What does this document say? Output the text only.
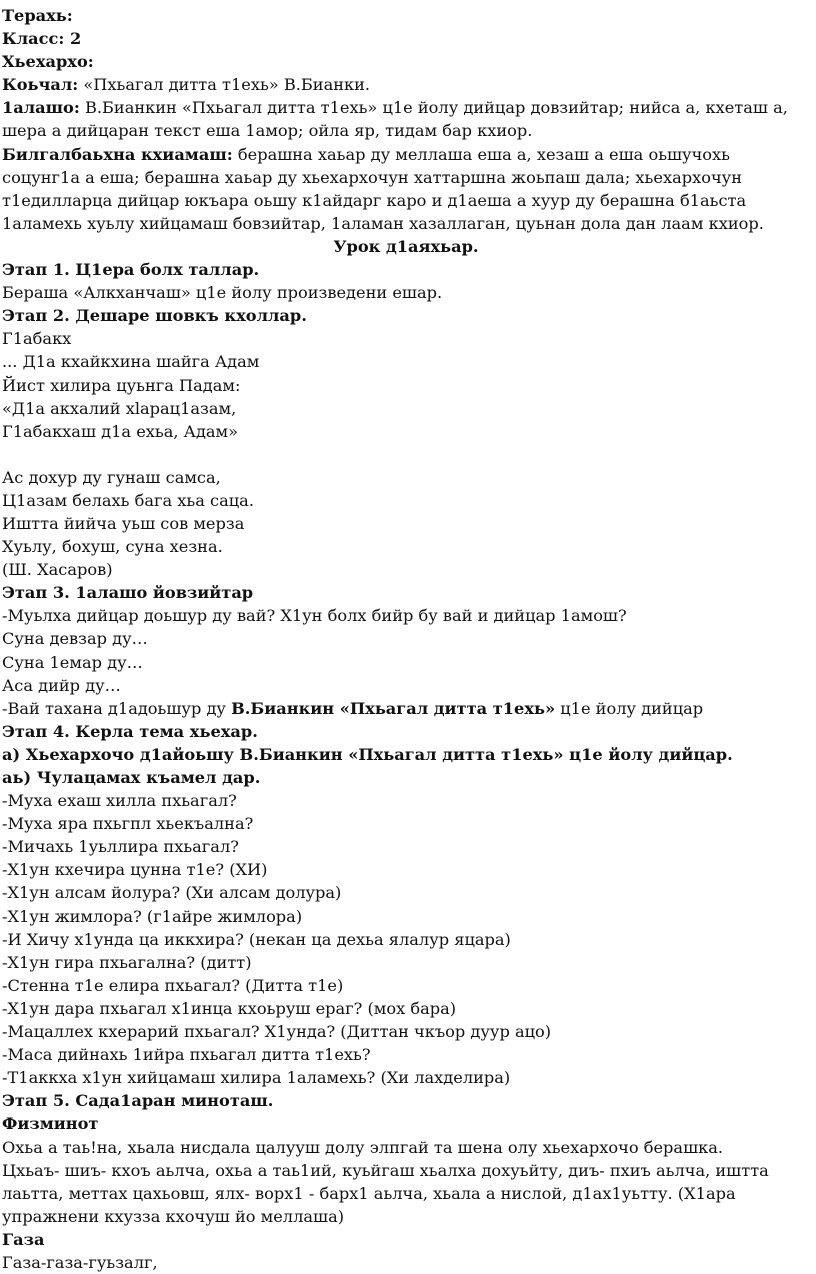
Терахь:

Класс: 2

Хьехархо:

Коьчал: «Пхьагал дитта т1ехь» В.Бианки.

1алашо: В.Бианкин «Пхьагал дитта т1ехь» ц1е йолу дийцар довзийтар; нийса а, кхеташ а, шера а дийцаран текст еша 1амор; ойла яр, тидам бар кхиор.

Билгалбаьхна кхиамаш: берашна хаьар ду меллаша еша а, хезаш а еша оьшучохь соцунг1а а еша; берашна хаьар ду хьехархочун хаттаршна жоьпаш дала; хьехархочун т1едилларца дийцар юкъара оьшу к1айдарг каро и д1аеша а хуур ду берашна б1аьста 1аламехь хуьлу хийцамаш бовзийтар, 1аламан хазаллаган, цуьнан дола дан лаам кхиор.

Урок д1аяхьар.

Этап 1. Ц1ера болх таллар.

Бераша «Алкханчаш» ц1е йолу произведени ешар.

Этап 2. Дешаре шовкъ кхоллар.

Г1абакх

... Д1а кхайкхина шайга Адам

Йист хилира цуьнга Падам:

«Д1а акхалий хlарац1азам,

Г1абакхаш д1а ехьа, Адам»

Ас дохур ду гунаш самса,

Ц1азам белахь бага хьа саца.

Иштта йийча уьш сов мерза

Хуьлу, бохуш, суна хезна.

(Ш. Хасаров)

Этап 3. 1алашо йовзийтар

-Муьлха дийцар доьшур ду вай? Х1ун болх бийр бу вай и дийцар 1амош?

Суна девзар ду…

Суна 1емар ду…

Аса дийр ду…

-Вай тахана д1адоьшур ду В.Бианкин «Пхьагал дитта т1ехь» ц1е йолу дийцар

Этап 4. Керла тема хьехар.

а) Хьехархочо д1айоьшу В.Бианкин «Пхьагал дитта т1ехь» ц1е йолу дийцар.

аь) Чулацамах къамел дар.

-Муха ехаш хилла пхьагал?

-Муха яра пхьгпл хьекъална?

-Мичахь 1уьллира пхьагал?

-Х1ун кхечира цунна т1е? (ХИ)

-Х1ун алсам йолура? (Хи алсам долура)

-Х1ун жимлора? (г1айре жимлора)

-И Хичу х1унда ца иккхира? (некан ца дехьа ялалур яцара)

-Х1ун гира пхьагална? (дитт)

-Стенна т1е елира пхьагал? (Дитта т1е)

-Х1ун дара пхьагал х1инца кхоьруш ераг? (мох бара)

-Мацаллех кхерарий пхьагал? Х1унда? (Диттан чкъор дуур ацо)

-Маса дийнахь 1ийра пхьагал дитта т1ехь?

-Т1аккха х1ун хийцамаш хилира 1аламехь? (Хи лахделира)

Этап 5. Сада1аран миноташ.

Физминот

Охьа а таь!на, хьала нисдала цалууш долу элпгай та шена олу хьехархочо берашка.

Цхьаъ- шиъ- кхоъ аьлча, охьа а таь1ий, куьйгаш хьалха дохуьйту, диъ- пхиъ аьлча, иштта лаьтта, меттах цахьовш, ялх- ворх1 - барх1 аьлча, хьала а нислой, д1ах1уьтту. (Х1ара упражнени кхузза кхочуш йо меллаша)

Газа

Газа-газа-гуьзалг,
